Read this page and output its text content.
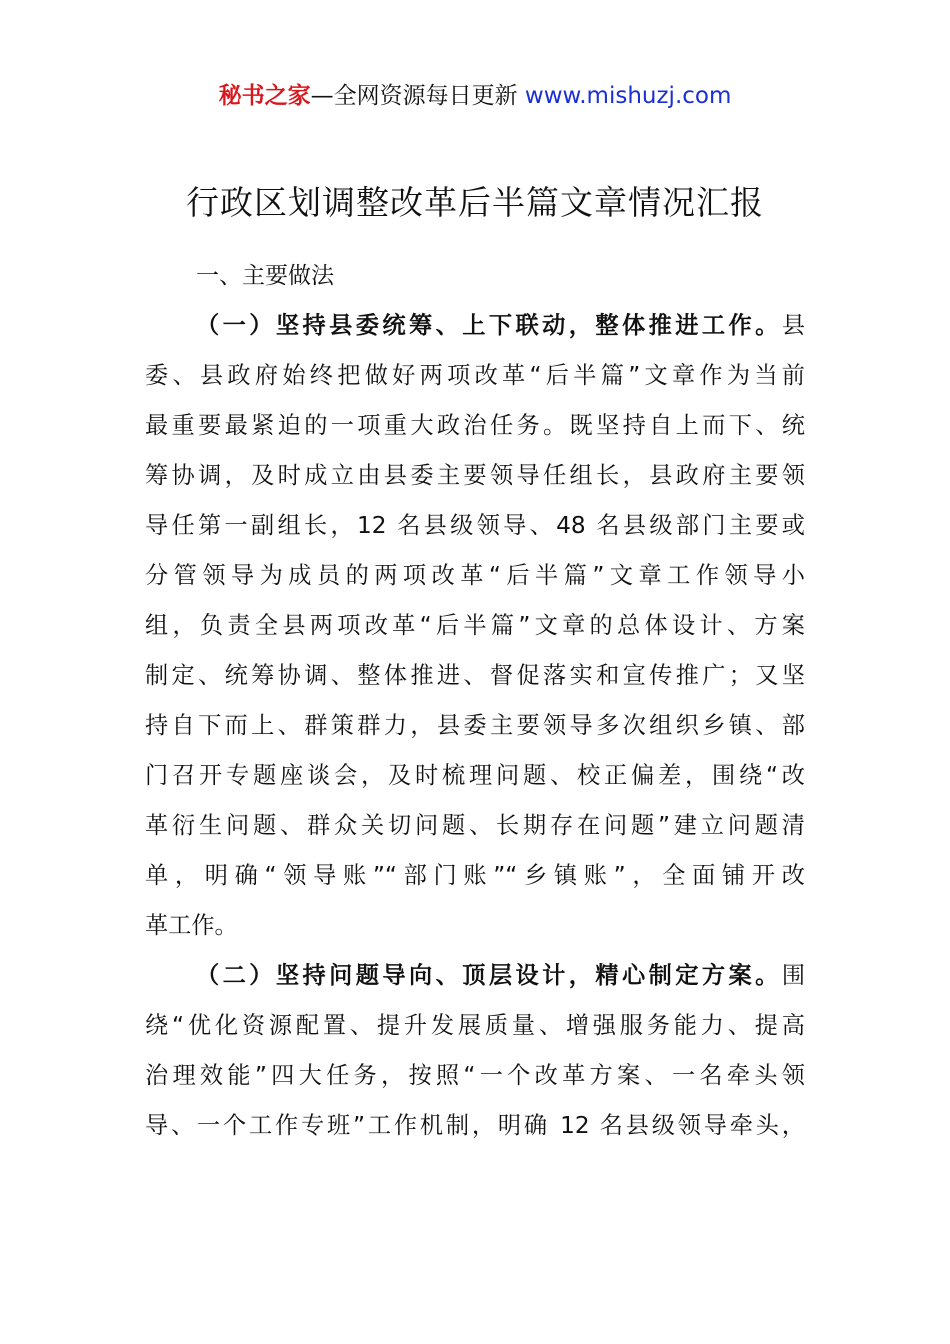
秘书之家—全网资源每日更新 www.mishuzj.com
行政区划调整改革后半篇文章情况汇报
一、主要做法
（一）坚持县委统筹、上下联动，整体推进工作。县
委、县政府始终把做好两项改革“后半篇”文章作为当前
最重要最紧迫的一项重大政治任务。既坚持自上而下、统
筹协调，及时成立由县委主要领导任组长，县政府主要领
导任第一副组长，12 名县级领导、48 名县级部门主要或
分管领导为成员的两项改革“后半篇”文章工作领导小
组，负责全县两项改革“后半篇”文章的总体设计、方案
制定、统筹协调、整体推进、督促落实和宣传推广；又坚
持自下而上、群策群力，县委主要领导多次组织乡镇、部
门召开专题座谈会，及时梳理问题、校正偏差，围绕“改
革衍生问题、群众关切问题、长期存在问题”建立问题清
单，明确“领导账”“部门账”“乡镇账”，全面铺开改
革工作。
（二）坚持问题导向、顶层设计，精心制定方案。围
绕“优化资源配置、提升发展质量、增强服务能力、提高
治理效能”四大任务，按照“一个改革方案、一名牵头领
导、一个工作专班”工作机制，明确 12 名县级领导牵头，
